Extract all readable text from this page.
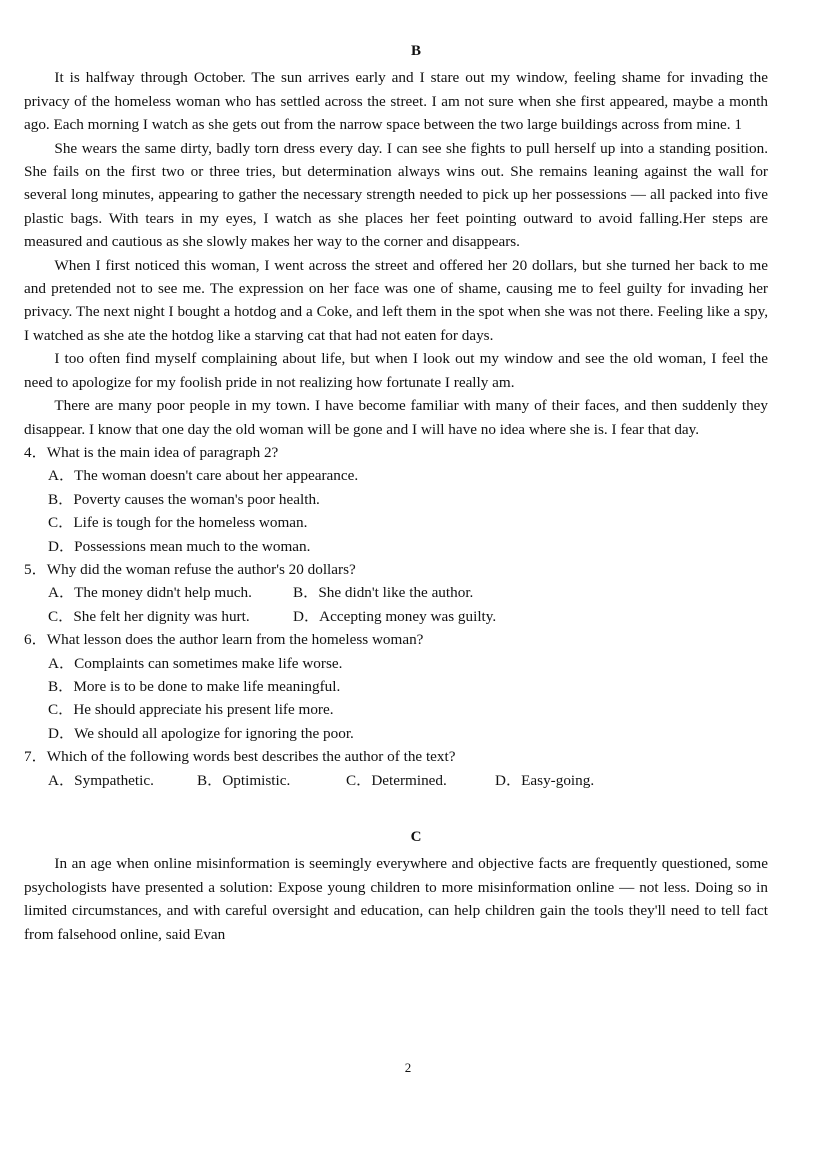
B

It is halfway through October. The sun arrives early and I stare out my window, feeling shame for invading the privacy of the homeless woman who has settled across the street. I am not sure when she first appeared, maybe a month ago. Each morning I watch as she gets out from the narrow space between the two large buildings across from mine. 1

She wears the same dirty, badly torn dress every day. I can see she fights to pull herself up into a standing position. She fails on the first two or three tries, but determination always wins out. She remains leaning against the wall for several long minutes, appearing to gather the necessary strength needed to pick up her possessions — all packed into five plastic bags. With tears in my eyes, I watch as she places her feet pointing outward to avoid falling.Her steps are measured and cautious as she slowly makes her way to the corner and disappears.

When I first noticed this woman, I went across the street and offered her 20 dollars, but she turned her back to me and pretended not to see me. The expression on her face was one of shame, causing me to feel guilty for invading her privacy. The next night I bought a hotdog and a Coke, and left them in the spot when she was not there. Feeling like a spy, I watched as she ate the hotdog like a starving cat that had not eaten for days.

I too often find myself complaining about life, but when I look out my window and see the old woman, I feel the need to apologize for my foolish pride in not realizing how fortunate I really am.

There are many poor people in my town. I have become familiar with many of their faces, and then suddenly they disappear. I know that one day the old woman will be gone and I will have no idea where she is. I fear that day.

4．What is the main idea of paragraph 2?

A．The woman doesn't care about her appearance.

B．Poverty causes the woman's poor health.

C．Life is tough for the homeless woman.

D．Possessions mean much to the woman.

5．Why did the woman refuse the author's 20 dollars?

A．The money didn't help much.	B．She didn't like the author.
C．She felt her dignity was hurt.	D．Accepting money was guilty.

6．What lesson does the author learn from the homeless woman?

A．Complaints can sometimes make life worse.

B．More is to be done to make life meaningful.

C．He should appreciate his present life more.

D．We should all apologize for ignoring the poor.

7．Which of the following words best describes the author of the text?

A．Sympathetic.	B．Optimistic.	C．Determined.	D．Easy-going.
C

In an age when online misinformation is seemingly everywhere and objective facts are frequently questioned, some psychologists have presented a solution: Expose young children to more misinformation online — not less. Doing so in limited circumstances, and with careful oversight and education, can help children gain the tools they'll need to tell fact from falsehood online, said Evan

2
